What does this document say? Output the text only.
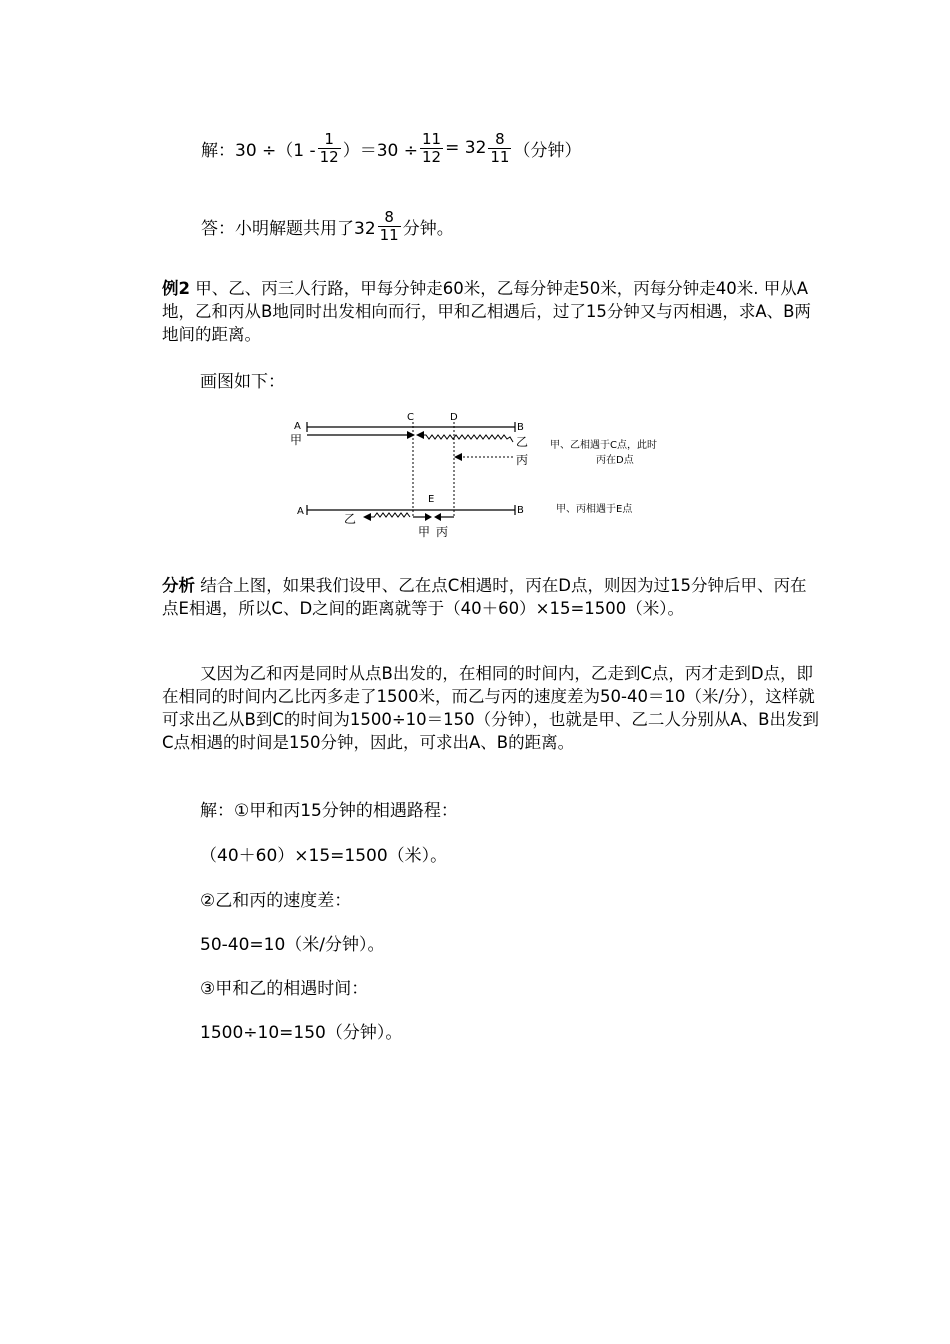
解：$30 \div(1 - \frac{1}{12} )=30 \div \frac{11}{12} = 32 \frac{8}{11}$ （分钟）
答：小明解题共用了$32 \frac{8}{11}$ 分钟。
例2 甲、乙、丙三人行路，甲每分钟走60米，乙每分钟走50米，丙每分钟走40米. 甲从A地，乙和丙从B地同时出发相向而行，甲和乙相遇后，过了15分钟又与丙相遇，求A、B两地间的距离。
画图如下：
A
甲
C	D
B
乙
丙
甲、乙相遇于C点，此时
丙在D点
A	B
E
乙
甲 丙
甲、丙相遇于E点
分析 结合上图，如果我们设甲、乙在点C相遇时，丙在D点，则因为过15分钟后甲、丙在点E相遇，所以C、D之间的距离就等于（40＋60）×15=1500（米）。
又因为乙和丙是同时从点B出发的，在相同的时间内，乙走到C点，丙才走到D点，即在相同的时间内乙比丙多走了1500米，而乙与丙的速度差为50-40＝10（米/分），这样就可求出乙从B到C的时间为1500÷10＝150（分钟），也就是甲、乙二人分别从A、B出发到C点相遇的时间是150分钟，因此，可求出A、B的距离。
解：①甲和丙15分钟的相遇路程：
（40＋60）×15=1500（米）。
②乙和丙的速度差：
50-40=10（米/分钟）。
③甲和乙的相遇时间：
1500÷10=150（分钟）。
